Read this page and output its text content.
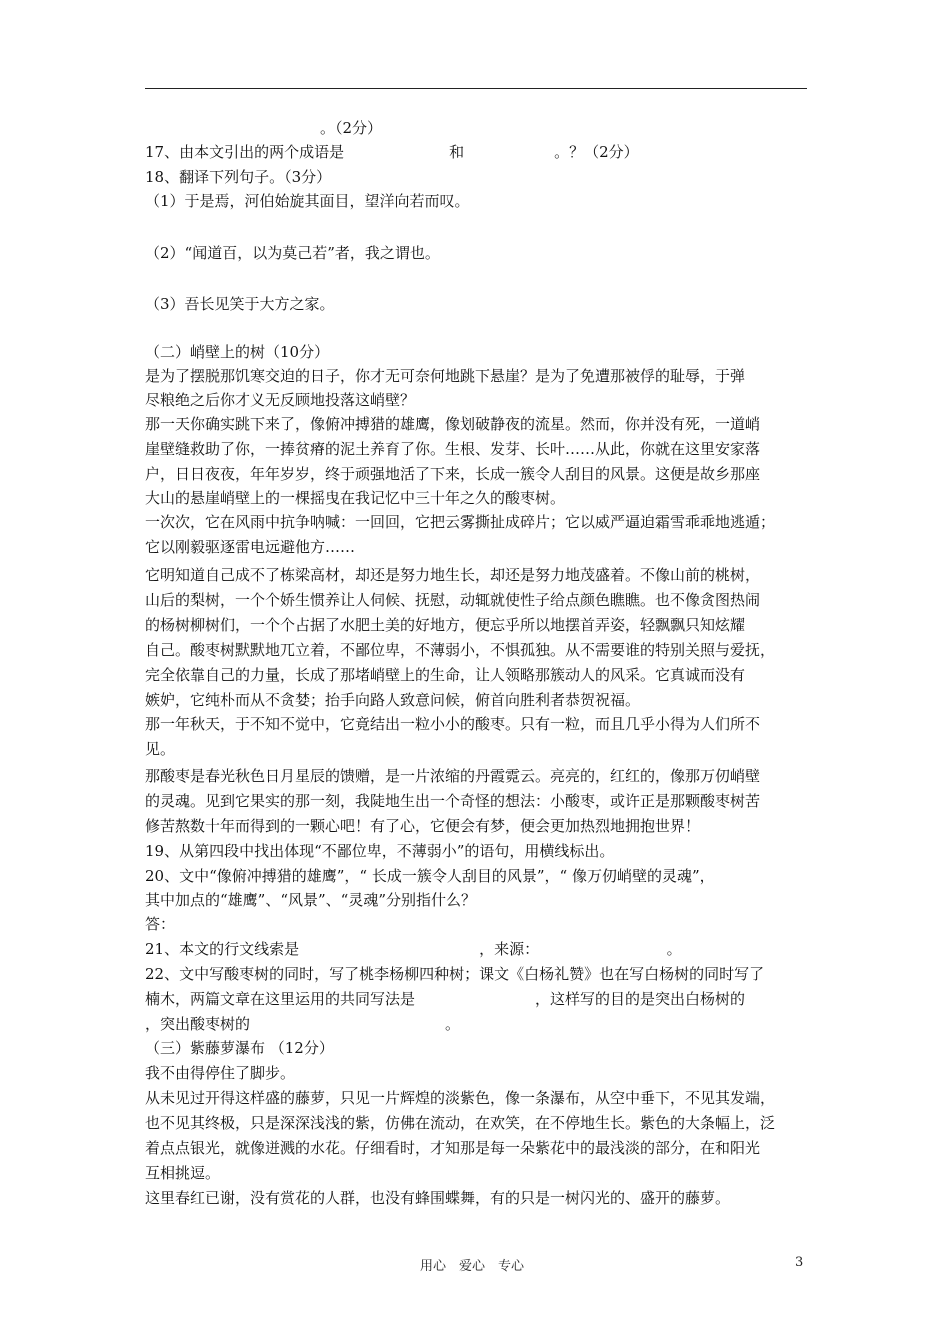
。（2分）
17、由本文引出的两个成语是　　　　　　　和　　　　　　。？（2分）
18、翻译下列句子。（3分）
（1）于是焉，河伯始旋其面目，望洋向若而叹。
（2）“闻道百，以为莫己若”者，我之谓也。
（3）吾长见笑于大方之家。
（二）峭壁上的树（10分）
是为了摆脱那饥寒交迫的日子，你才无可奈何地跳下悬崖？是为了免遭那被俘的耻辱，于弹
尽粮绝之后你才义无反顾地投落这峭壁？
那一天你确实跳下来了，像俯冲搏猎的雄鹰，像划破静夜的流星。然而，你并没有死，一道峭
崖壁缝救助了你，一捧贫瘠的泥土养育了你。生根、发芽、长叶……从此，你就在这里安家落
户，日日夜夜，年年岁岁，终于顽强地活了下来，长成一簇令人刮目的风景。这便是故乡那座
大山的悬崖峭壁上的一棵摇曳在我记忆中三十年之久的酸枣树。
一次次，它在风雨中抗争呐喊：一回回，它把云雾撕扯成碎片；它以威严逼迫霜雪乖乖地逃遁；
它以刚毅驱逐雷电远避他方……
它明知道自己成不了栋梁高材，却还是努力地生长，却还是努力地茂盛着。不像山前的桃树，
山后的梨树，一个个娇生惯养让人伺候、抚慰，动辄就使性子给点颜色瞧瞧。也不像贪图热闹
的杨树柳树们，一个个占据了水肥土美的好地方，便忘乎所以地摆首弄姿，轻飘飘只知炫耀
自己。酸枣树默默地兀立着，不鄙位卑，不薄弱小，不惧孤独。从不需要谁的特别关照与爱抚，
完全依靠自己的力量，长成了那堵峭壁上的生命，让人领略那簇动人的风采。它真诚而没有
嫉妒，它纯朴而从不贪婪；抬手向路人致意问候，俯首向胜利者恭贺祝福。
那一年秋天，于不知不觉中，它竟结出一粒小小的酸枣。只有一粒，而且几乎小得为人们所不
见。
那酸枣是春光秋色日月星辰的馈赠，是一片浓缩的丹霞霓云。亮亮的，红红的，像那万仞峭壁
的灵魂。见到它果实的那一刻，我陡地生出一个奇怪的想法：小酸枣，或许正是那颗酸枣树苦
修苦熬数十年而得到的一颗心吧！有了心，它便会有梦，便会更加热烈地拥抱世界！
19、从第四段中找出体现“不鄙位卑，不薄弱小”的语句，用横线标出。
20、文中“像俯冲搏猎的雄鹰”，“ 长成一簇令人刮目的风景”，“ 像万仞峭壁的灵魂”，
其中加点的“雄鹰”、“风景”、“灵魂”分别指什么？
答：
21、本文的行文线索是　　　　　　　　　　　　，来源：　　　　　　　　　。
22、文中写酸枣树的同时，写了桃李杨柳四种树；课文《白杨礼赞》也在写白杨树的同时写了
楠木，两篇文章在这里运用的共同写法是　　　　　　　　，这样写的目的是突出白杨树的
，突出酸枣树的　　　　　　　　　　　　　。
（三）紫藤萝瀑布 （12分）
我不由得停住了脚步。
从未见过开得这样盛的藤萝，只见一片辉煌的淡紫色，像一条瀑布，从空中垂下，不见其发端，
也不见其终极，只是深深浅浅的紫，仿佛在流动，在欢笑，在不停地生长。紫色的大条幅上，泛
着点点银光，就像迸溅的水花。仔细看时，才知那是每一朵紫花中的最浅淡的部分，在和阳光
互相挑逗。
这里春红已谢，没有赏花的人群，也没有蜂围蝶舞，有的只是一树闪光的、盛开的藤萝。
用心　爱心　专心	3
